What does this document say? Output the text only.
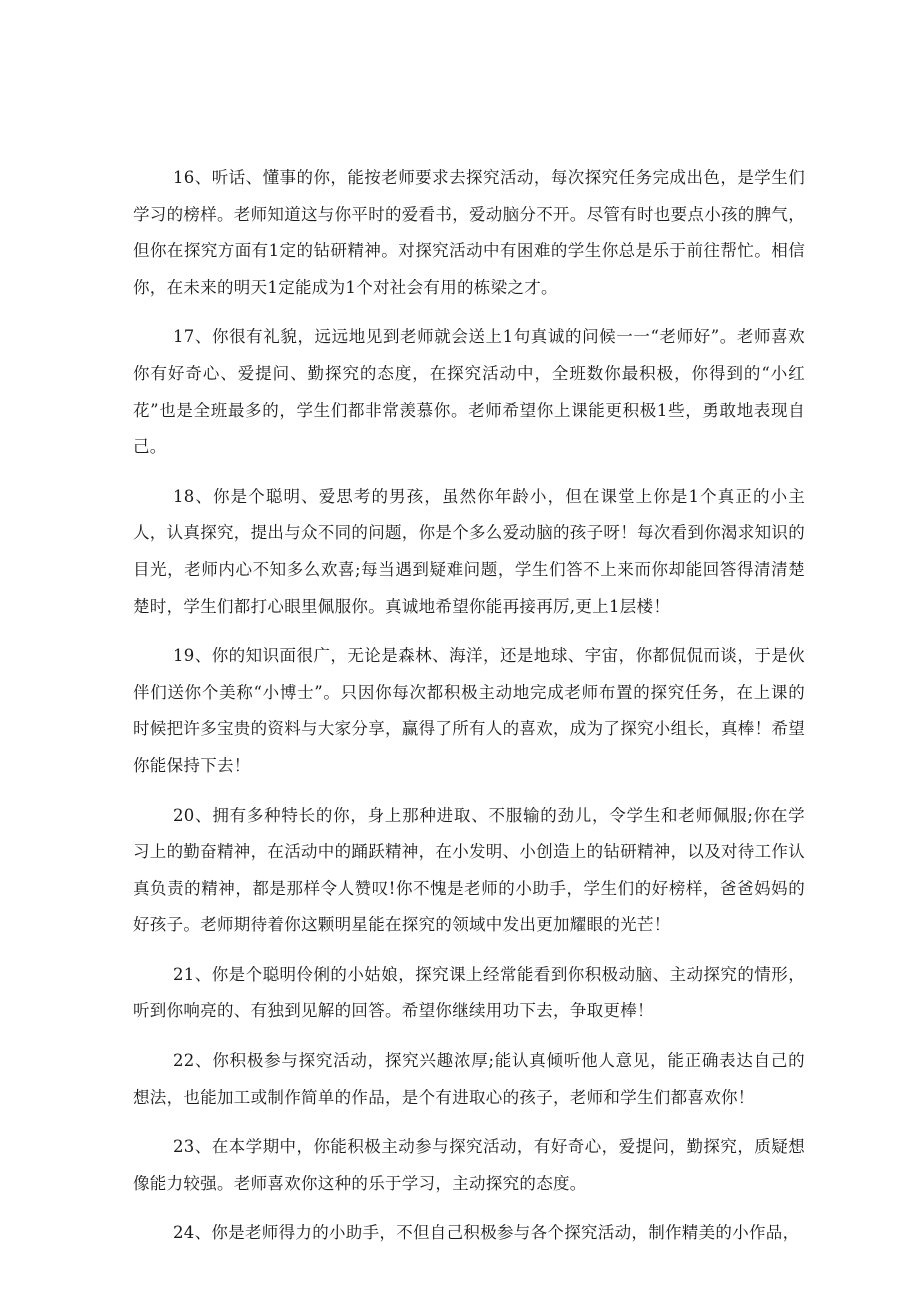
16、听话、懂事的你，能按老师要求去探究活动，每次探究任务完成出色，是学生们学习的榜样。老师知道这与你平时的爱看书，爱动脑分不开。尽管有时也要点小孩的脾气，但你在探究方面有1定的钻研精神。对探究活动中有困难的学生你总是乐于前往帮忙。相信你，在未来的明天1定能成为1个对社会有用的栋梁之才。

17、你很有礼貌，远远地见到老师就会送上1句真诚的问候一一“老师好”。老师喜欢你有好奇心、爱提问、勤探究的态度，在探究活动中，全班数你最积极，你得到的“小红花”也是全班最多的，学生们都非常羡慕你。老师希望你上课能更积极1些，勇敢地表现自己。

18、你是个聪明、爱思考的男孩，虽然你年龄小，但在课堂上你是1个真正的小主人，认真探究，提出与众不同的问题，你是个多么爱动脑的孩子呀！每次看到你渴求知识的目光，老师内心不知多么欢喜;每当遇到疑难问题，学生们答不上来而你却能回答得清清楚楚时，学生们都打心眼里佩服你。真诚地希望你能再接再厉,更上1层楼！

19、你的知识面很广，无论是森林、海洋，还是地球、宇宙，你都侃侃而谈，于是伙伴们送你个美称“小博士”。只因你每次都积极主动地完成老师布置的探究任务，在上课的时候把许多宝贵的资料与大家分享，赢得了所有人的喜欢，成为了探究小组长，真棒！希望你能保持下去！

20、拥有多种特长的你，身上那种进取、不服输的劲儿，令学生和老师佩服;你在学习上的勤奋精神，在活动中的踊跃精神，在小发明、小创造上的钻研精神，以及对待工作认真负责的精神，都是那样令人赞叹!你不愧是老师的小助手，学生们的好榜样，爸爸妈妈的好孩子。老师期待着你这颗明星能在探究的领域中发出更加耀眼的光芒！

21、你是个聪明伶俐的小姑娘，探究课上经常能看到你积极动脑、主动探究的情形，听到你响亮的、有独到见解的回答。希望你继续用功下去，争取更棒！

22、你积极参与探究活动，探究兴趣浓厚;能认真倾听他人意见，能正确表达自己的想法，也能加工或制作简单的作品，是个有进取心的孩子，老师和学生们都喜欢你！

23、在本学期中，你能积极主动参与探究活动，有好奇心，爱提问，勤探究，质疑想像能力较强。老师喜欢你这种的乐于学习，主动探究的态度。

24、你是老师得力的小助手，不但自己积极参与各个探究活动，制作精美的小作品，
